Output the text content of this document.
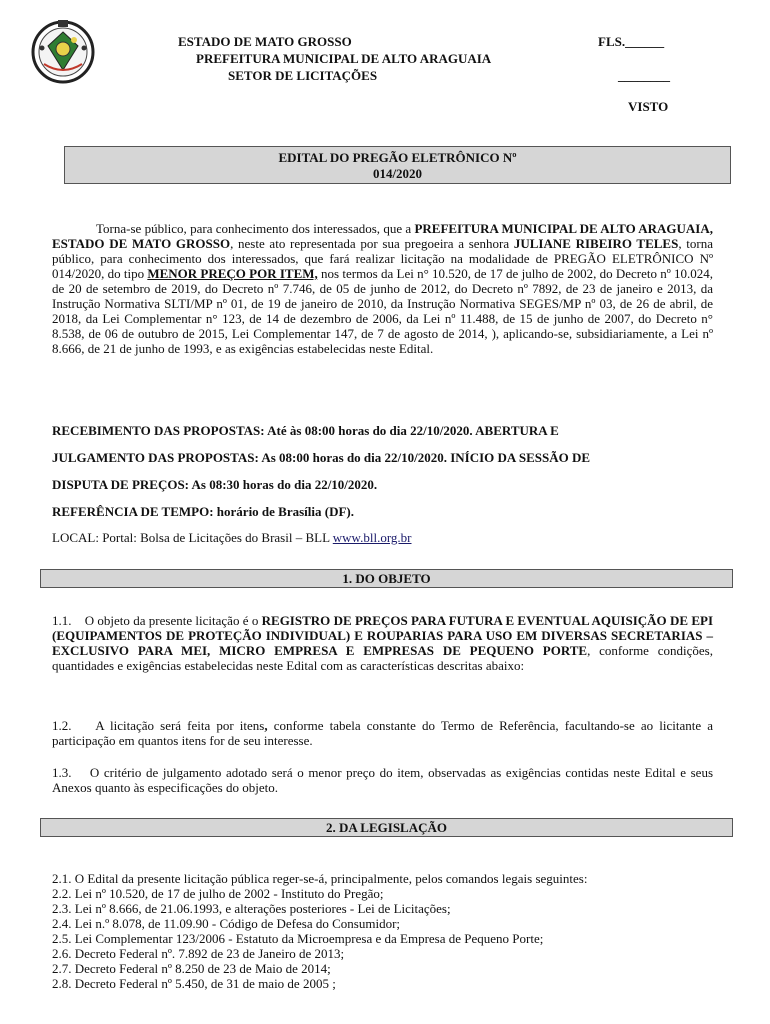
ESTADO DE MATO GROSSO
PREFEITURA MUNICIPAL DE ALTO ARAGUAIA
SETOR DE LICITAÇÕES
FLS.______
________
VISTO
EDITAL DO PREGÃO ELETRÔNICO Nº
014/2020

Torna-se público, para conhecimento dos interessados, que a PREFEITURA MUNICIPAL DE ALTO ARAGUAIA, ESTADO DE MATO GROSSO, neste ato representada por sua pregoeira a senhora JULIANE RIBEIRO TELES, torna público, para conhecimento dos interessados, que fará realizar licitação na modalidade de PREGÃO ELETRÔNICO Nº 014/2020, do tipo MENOR PREÇO POR ITEM, nos termos da Lei n° 10.520, de 17 de julho de 2002, do Decreto nº 10.024, de 20 de setembro de 2019, do Decreto nº 7.746, de 05 de junho de 2012, do Decreto nº 7892, de 23 de janeiro e 2013, da Instrução Normativa SLTI/MP nº 01, de 19 de janeiro de 2010, da Instrução Normativa SEGES/MP nº 03, de 26 de abril, de 2018, da Lei Complementar n° 123, de 14 de dezembro de 2006, da Lei nº 11.488, de 15 de junho de 2007, do Decreto n° 8.538, de 06 de outubro de 2015, Lei Complementar 147, de 7 de agosto de 2014, ), aplicando-se, subsidiariamente, a Lei nº 8.666, de 21 de junho de 1993, e as exigências estabelecidas neste Edital.

RECEBIMENTO DAS PROPOSTAS: Até às 08:00 horas do dia 22/10/2020. ABERTURA E
JULGAMENTO DAS PROPOSTAS: As 08:00 horas do dia 22/10/2020. INÍCIO DA SESSÃO DE
DISPUTA DE PREÇOS: As 08:30 horas do dia 22/10/2020.
REFERÊNCIA DE TEMPO: horário de Brasília (DF).
LOCAL: Portal: Bolsa de Licitações do Brasil – BLL www.bll.org.br
1. DO OBJETO

1.1. O objeto da presente licitação é o REGISTRO DE PREÇOS PARA FUTURA E EVENTUAL AQUISIÇÃO DE EPI (EQUIPAMENTOS DE PROTEÇÃO INDIVIDUAL) E ROUPARIAS PARA USO EM DIVERSAS SECRETARIAS – EXCLUSIVO PARA MEI, MICRO EMPRESA E EMPRESAS DE PEQUENO PORTE, conforme condições, quantidades e exigências estabelecidas neste Edital com as características descritas abaixo:

1.2. A licitação será feita por itens, conforme tabela constante do Termo de Referência, facultando-se ao licitante a participação em quantos itens for de seu interesse.

1.3. O critério de julgamento adotado será o menor preço do item, observadas as exigências contidas neste Edital e seus Anexos quanto às especificações do objeto.

2. DA LEGISLAÇÃO
2.1. O Edital da presente licitação pública reger-se-á, principalmente, pelos comandos legais seguintes:
2.2. Lei nº 10.520, de 17 de julho de 2002 - Instituto do Pregão;
2.3. Lei nº 8.666, de 21.06.1993, e alterações posteriores - Lei de Licitações;
2.4. Lei n.º 8.078, de 11.09.90 - Código de Defesa do Consumidor;
2.5. Lei Complementar 123/2006 - Estatuto da Microempresa e da Empresa de Pequeno Porte;
2.6. Decreto Federal nº. 7.892 de 23 de Janeiro de 2013;
2.7. Decreto Federal nº 8.250 de 23 de Maio de 2014;
2.8. Decreto Federal nº 5.450, de 31 de maio de 2005 ;
